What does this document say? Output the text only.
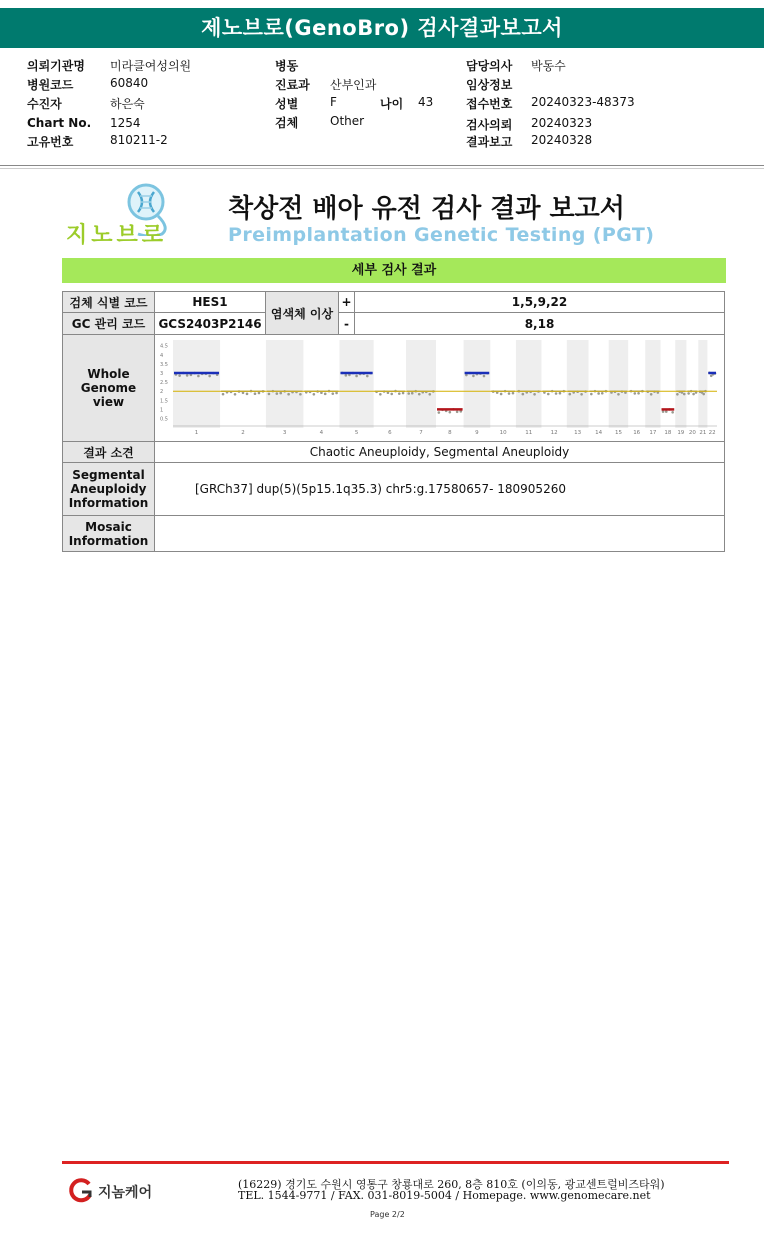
제노브로(GenoBro) 검사결과보고서
의뢰기관명 미라클여성의원
병원코드	60840
수진자	하은숙
Chart No. 1254
고유번호	810211-2
병동
진료과 산부인과
성별	F	나이 43
검체	Other
담당의사 박동수
임상정보
접수번호 20240323-48373
검사의뢰 20240323
결과보고 20240328
지노브로
착상전 배아 유전 검사 결과 보고서
Preimplantation Genetic Testing (PGT)
세부 검사 결과
검체 식별 코드	HES1
GC 관리 코드	GCS2403P2146
염색체 이상
+	1,5,9,22
-	8,18
Whole Genome view
1	2	3	4	5	6	7	8	9	10	11	12	13	14 15 16 17 18 19 20 21 22
4.5
4
3.5
3
2.5
2
1.5
1
0.5
결과 소견	Chaotic Aneuploidy, Segmental Aneuploidy
Segmental Aneuploidy Information
[GRCh37] dup(5)(5p15.1q35.3) chr5:g.17580657- 180905260
Mosaic Information
지놈케어
(16229) 경기도 수원시 영통구 창룡대로 260, 8층 810호 (이의동, 광교센트럴비즈타워)
TEL. 1544-9771 / FAX. 031-8019-5004 / Homepage. www.genomecare.net
Page 2/2
